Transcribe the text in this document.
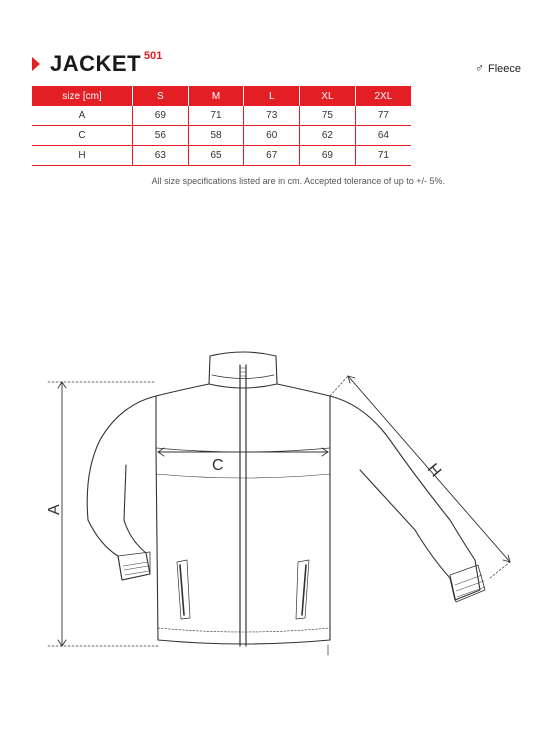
JACKET 501
♂ Fleece
size [cm]	S	M	L	XL	2XL
A	69	71	73	75	77
C	56	58	60	62	64
H	63	65	67	69	71
All size specifications listed are in cm. Accepted tolerance of up to +/- 5%.
A
C	H
